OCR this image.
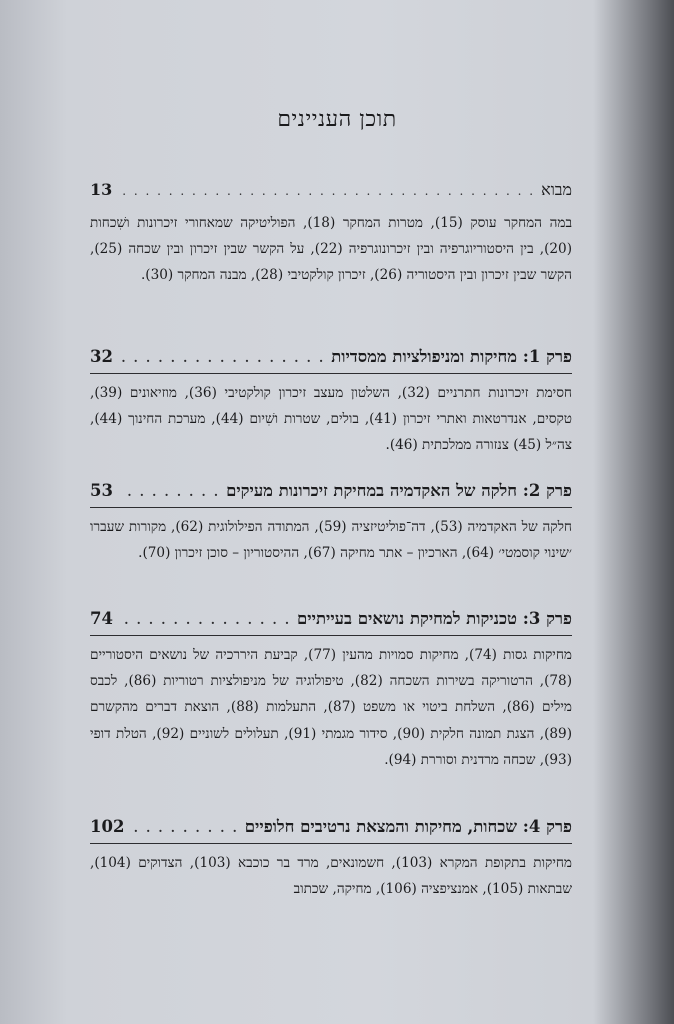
תוכן העניינים
מבוא
. . .
13
במה המחקר עוסק (15), מטרות המחקר (18), הפוליטיקה שמאחורי זיכרונות ושִׁכחות (20), בין היסטוריוגרפיה ובין זיכרונוגרפיה (22), על הקשר שבין זיכרון ובין שכחה (25), הקשר שבין זיכרון ובין היסטוריה (26), זיכרון קולקטיבי (28), מבנה המחקר (30).
פרק 1: מחיקות ומניפולציות ממסדיות
. . .
32
חסימת זיכרונות חתרניים (32), השלטון מעצב זיכרון קולקטיבי (36), מוזיאונים (39), טקסים, אנדרטאות ואתרי זיכרון (41), בולים, שטרות ושִׁיום (44), מערכת החינוך (44), צה״ל (45) צנזורה ממלכתית (46).
פרק 2: חלקה של האקדמיה במחיקת זיכרונות מעיקים
. . .
53
חלקה של האקדמיה (53), דה־פוליטיזציה (59), המתודה הפילולוגית (62), מקורות שעברו ׳שינוי קוסמטי׳ (64), הארכיון – אתר מחיקה (67), ההיסטוריון – סוכן זיכרון (70).
פרק 3: טכניקות למחיקת נושאים בעייתיים
. . .
74
מחיקות גסות (74), מחיקות סמויות מהעין (77), קביעת היררכיה של נושאים היסטוריים (78), הרטוריקה בשירות השכחה (82), טיפולוגיה של מניפולציות רטוריות (86), לכבס מילים (86), השלחת ביטוי או משפט (87), התעלמות (88), הוצאת דברים מהקשרם (89), הצגת תמונה חלקית (90), סידור מגמתי (91), תעלולים לשוניים (92), הטלת דופי (93), שכחה מרדנית וסוררת (94).
פרק 4: שכחות, מחיקות והמצאת נרטיבים חלופיים
. . .
102
מחיקות בתקופת המקרא (103), חשמונאים, מרד בר כוכבא (103), הצדוקים (104), שבתאות (105), אמנציפציה (106), מחיקה, שכתוב
